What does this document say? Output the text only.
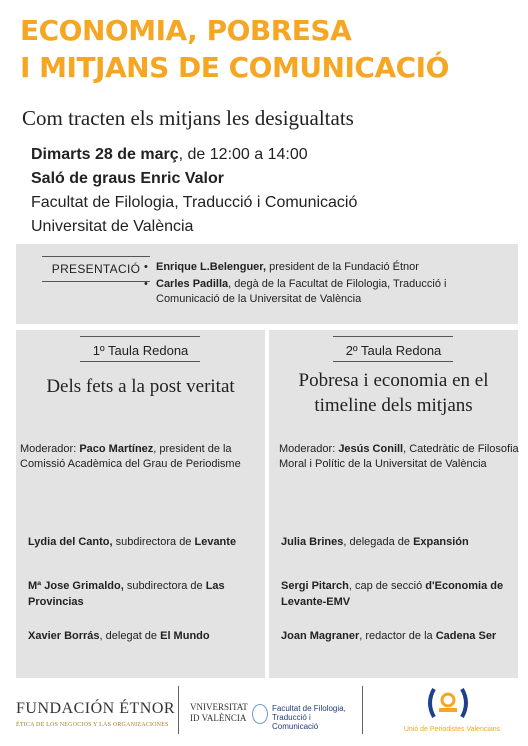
ECONOMIA, POBRESA
I MITJANS DE COMUNICACIÓ
Com tracten els mitjans les desigualtats
Dimarts 28 de març, de 12:00 a 14:00
Saló de graus Enric Valor
Facultat de Filologia, Traducció i Comunicació
Universitat de València
PRESENTACIÓ
•	Enrique L.Belenguer, president de la Fundació Étnor
• Carles Padilla, degà de la Facultat de Filologia, Traducció i Comunicació de la Universitat de València
1º Taula Redona
Dels fets a la post veritat
Moderador: Paco Martínez, president de la Comissió Acadèmica del Grau de Periodisme
Lydia del Canto, subdirectora de Levante
Mª Jose Grimaldo, subdirectora de Las Provincias
Xavier Borrás, delegat de El Mundo
2º Taula Redona
Pobresa i economia en el timeline dels mitjans
Moderador: Jesús Conill, Catedràtic de Filosofia Moral i Polític de la Universitat de València
Julia Brines, delegada de Expansión
Sergi Pitarch, cap de secció d'Economia de Levante-EMV
Joan Magraner, redactor de la Cadena Ser
FUNDACIÓN ÉTNOR
ÉTICA DE LOS NEGOCIOS Y LAS ORGANIZACIONES
VNIVERSITAT
ID VALÈNCIA
Facultat de Filologia,
Traducció i Comunicació	Unió de Periodistes Valencians
